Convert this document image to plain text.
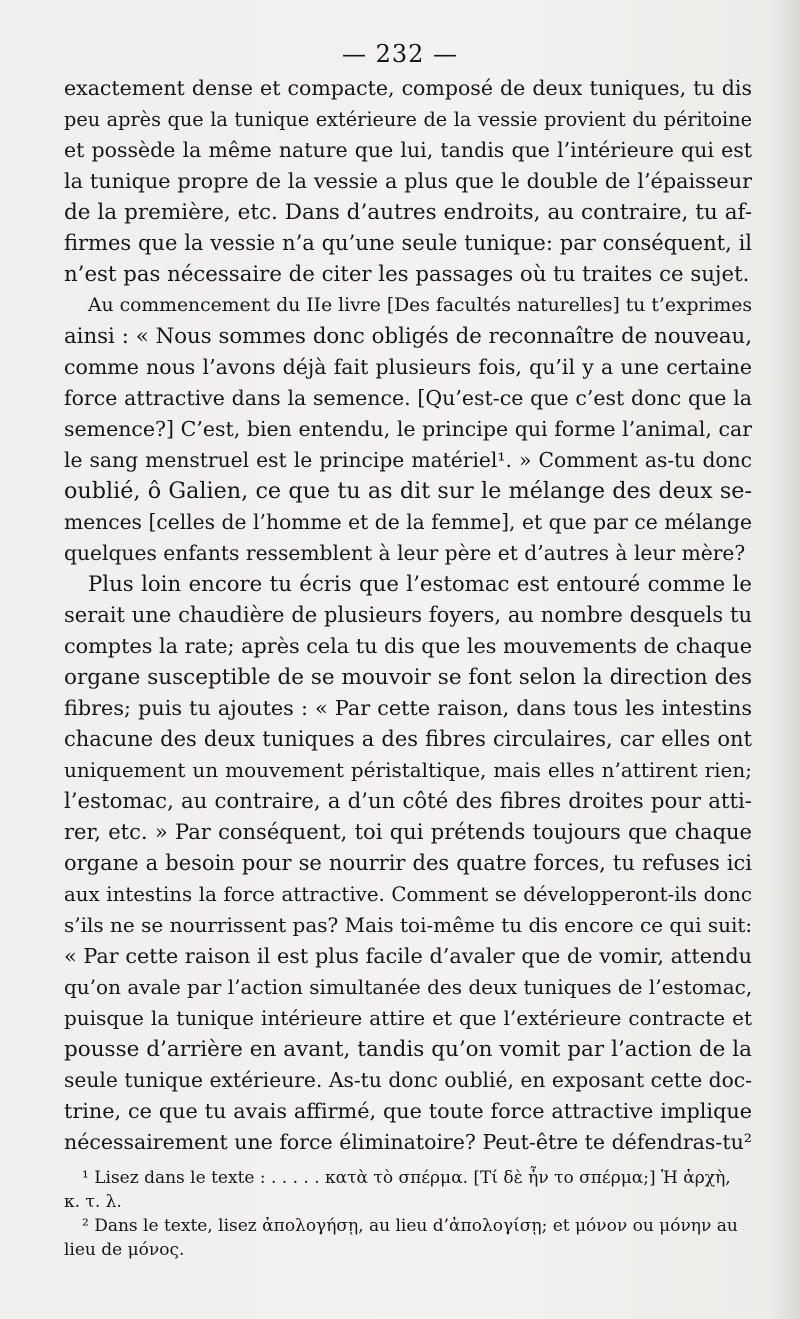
— 232 —
exactement dense et compacte, composé de deux tuniques, tu dis
peu après que la tunique extérieure de la vessie provient du péritoine
et possède la même nature que lui, tandis que l’intérieure qui est
la tunique propre de la vessie a plus que le double de l’épaisseur
de la première, etc. Dans d’autres endroits, au contraire, tu af-
firmes que la vessie n’a qu’une seule tunique: par conséquent, il
n’est pas nécessaire de citer les passages où tu traites ce sujet.
Au commencement du IIe livre [Des facultés naturelles] tu t’exprimes
ainsi : « Nous sommes donc obligés de reconnaître de nouveau,
comme nous l’avons déjà fait plusieurs fois, qu’il y a une certaine
force attractive dans la semence. [Qu’est-ce que c’est donc que la
semence?] C’est, bien entendu, le principe qui forme l’animal, car
le sang menstruel est le principe matériel¹. » Comment as-tu donc
oublié, ô Galien, ce que tu as dit sur le mélange des deux se-
mences [celles de l’homme et de la femme], et que par ce mélange
quelques enfants ressemblent à leur père et d’autres à leur mère?
Plus loin encore tu écris que l’estomac est entouré comme le
serait une chaudière de plusieurs foyers, au nombre desquels tu
comptes la rate; après cela tu dis que les mouvements de chaque
organe susceptible de se mouvoir se font selon la direction des
fibres; puis tu ajoutes : « Par cette raison, dans tous les intestins
chacune des deux tuniques a des fibres circulaires, car elles ont
uniquement un mouvement péristaltique, mais elles n’attirent rien;
l’estomac, au contraire, a d’un côté des fibres droites pour atti-
rer, etc. » Par conséquent, toi qui prétends toujours que chaque
organe a besoin pour se nourrir des quatre forces, tu refuses ici
aux intestins la force attractive. Comment se développeront-ils donc
s’ils ne se nourrissent pas? Mais toi-même tu dis encore ce qui suit:
« Par cette raison il est plus facile d’avaler que de vomir, attendu
qu’on avale par l’action simultanée des deux tuniques de l’estomac,
puisque la tunique intérieure attire et que l’extérieure contracte et
pousse d’arrière en avant, tandis qu’on vomit par l’action de la
seule tunique extérieure. As-tu donc oublié, en exposant cette doc-
trine, ce que tu avais affirmé, que toute force attractive implique
nécessairement une force éliminatoire? Peut-être te défendras-tu²
¹ Lisez dans le texte : . . . . . κατὰ τὸ σπέρμα. [Τί δὲ ἦν το σπέρμα;] Ἡ ἀρχὴ,
κ. τ. λ.
² Dans le texte, lisez ἀπολογήσῃ, au lieu d’ἀπολογίσῃ; et μόνον ou μόνην au
lieu de μόνος.
